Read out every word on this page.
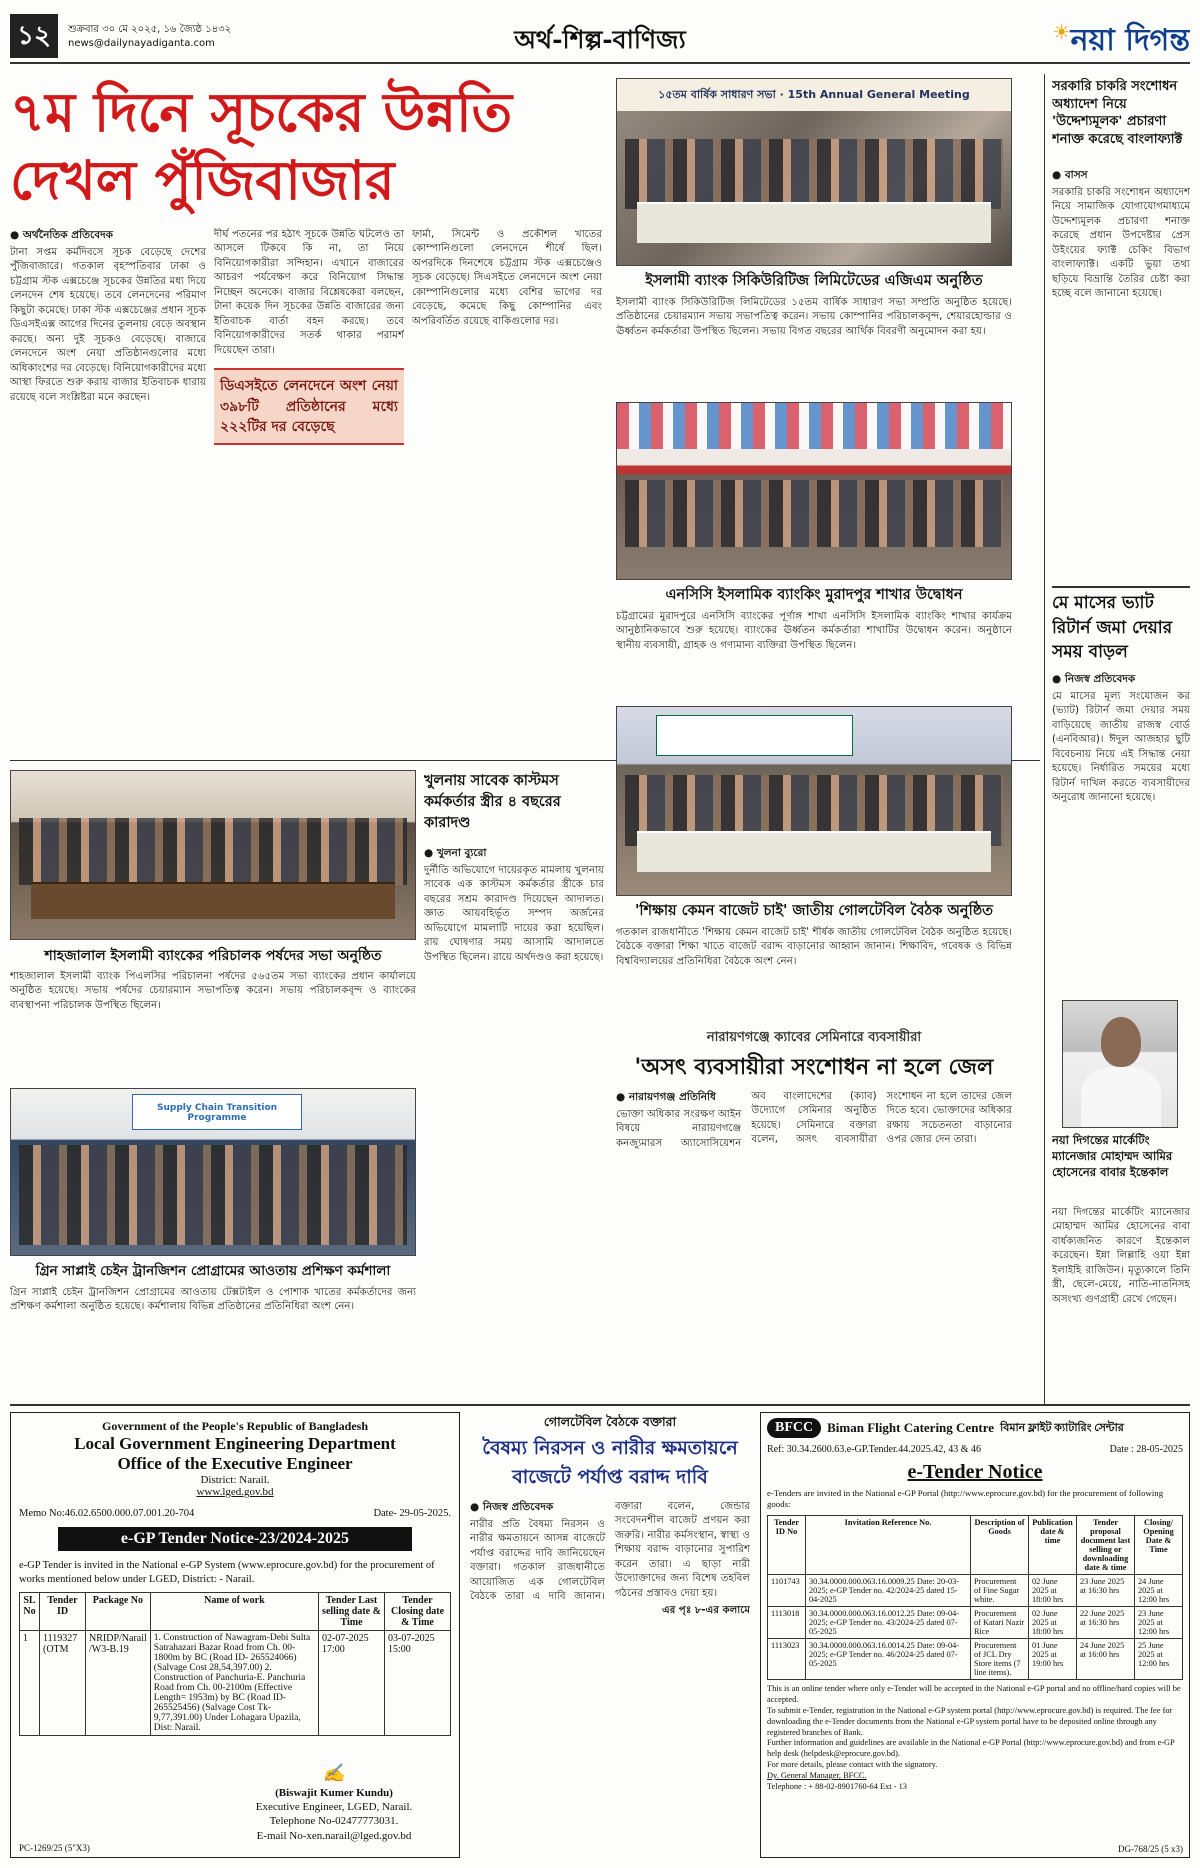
১২	শুক্রবার ৩০ মে ২০২৫, ১৬ জ্যৈষ্ঠ ১৪৩২
news@dailynayadiganta.com	অর্থ-শিল্প-বাণিজ্য	☀নয়া দিগন্ত
৭ম দিনে সূচকের উন্নতি
দেখল পুঁজিবাজার
● অর্থনৈতিক প্রতিবেদক

টানা সপ্তম কর্মদিবসে সূচক বেড়েছে দেশের পুঁজিবাজারে। গতকাল বৃহস্পতিবার ঢাকা ও চট্টগ্রাম স্টক এক্সচেঞ্জে সূচকের উন্নতির মধ্য দিয়ে লেনদেন শেষ হয়েছে। তবে লেনদেনের পরিমাণ কিছুটা কমেছে। ঢাকা স্টক এক্সচেঞ্জের প্রধান সূচক ডিএসইএক্স আগের দিনের তুলনায় বেড়ে অবস্থান করছে। অন্য দুই সূচকও বেড়েছে। বাজারে লেনদেনে অংশ নেয়া প্রতিষ্ঠানগুলোর মধ্যে অধিকাংশের দর বেড়েছে। বিনিয়োগকারীদের মধ্যে আস্থা ফিরতে শুরু করায় বাজার ইতিবাচক ধারায় রয়েছে বলে সংশ্লিষ্টরা মনে করছেন।

দীর্ঘ পতনের পর হঠাৎ সূচকে উন্নতি ঘটলেও তা আসলে টিকবে কি না, তা নিয়ে বিনিয়োগকারীরা সন্দিহান। এখানে বাজারের আচরণ পর্যবেক্ষণ করে বিনিয়োগ সিদ্ধান্ত নিচ্ছেন অনেকে। বাজার বিশ্লেষকেরা বলছেন, টানা কয়েক দিন সূচকের উন্নতি বাজারের জন্য ইতিবাচক বার্তা বহন করছে। তবে বিনিয়োগকারীদের সতর্ক থাকার পরামর্শ দিয়েছেন তারা।

ডিএসইতে লেনদেনে অংশ নেয়া ৩৯৮টি প্রতিষ্ঠানের মধ্যে ২২২টির দর বেড়েছে

ফার্মা, সিমেন্ট ও প্রকৌশল খাতের কোম্পানিগুলো লেনদেনে শীর্ষে ছিল। অপরদিকে দিনশেষে চট্টগ্রাম স্টক এক্সচেঞ্জেও সূচক বেড়েছে। সিএসইতে লেনদেনে অংশ নেয়া কোম্পানিগুলোর মধ্যে বেশির ভাগের দর বেড়েছে, কমেছে কিছু কোম্পানির এবং অপরিবর্তিত রয়েছে বাকিগুলোর দর।

১৫তম বার্ষিক সাধারণ সভা · 15th Annual General Meeting
ইসলামী ব্যাংক সিকিউরিটিজ লিমিটেডের এজিএম অনুষ্ঠিত
ইসলামী ব্যাংক সিকিউরিটিজ লিমিটেডের ১৫তম বার্ষিক সাধারণ সভা সম্প্রতি অনুষ্ঠিত হয়েছে। প্রতিষ্ঠানের চেয়ারম্যান সভায় সভাপতিত্ব করেন। সভায় কোম্পানির পরিচালকবৃন্দ, শেয়ারহোল্ডার ও ঊর্ধ্বতন কর্মকর্তারা উপস্থিত ছিলেন। সভায় বিগত বছরের আর্থিক বিবরণী অনুমোদন করা হয়।
এনসিসি ইসলামিক ব্যাংকিং মুরাদপুর শাখার উদ্বোধন
চট্টগ্রামের মুরাদপুরে এনসিসি ব্যাংকের পূর্ণাঙ্গ শাখা এনসিসি ইসলামিক ব্যাংকিং শাখার কার্যক্রম আনুষ্ঠানিকভাবে শুরু হয়েছে। ব্যাংকের ঊর্ধ্বতন কর্মকর্তারা শাখাটির উদ্বোধন করেন। অনুষ্ঠানে স্থানীয় ব্যবসায়ী, গ্রাহক ও গণ্যমান্য ব্যক্তিরা উপস্থিত ছিলেন।
সরকারি চাকরি সংশোধন অধ্যাদেশ নিয়ে 'উদ্দেশ্যমূলক' প্রচারণা শনাক্ত করেছে বাংলাফ্যাক্ট
● বাসস

সরকারি চাকরি সংশোধন অধ্যাদেশ নিয়ে সামাজিক যোগাযোগমাধ্যমে উদ্দেশ্যমূলক প্রচারণা শনাক্ত করেছে প্রধান উপদেষ্টার প্রেস উইংয়ের ফ্যাক্ট চেকিং বিভাগ বাংলাফ্যাক্ট। একটি ভুয়া তথ্য ছড়িয়ে বিভ্রান্তি তৈরির চেষ্টা করা হচ্ছে বলে জানানো হয়েছে।

মে মাসের ভ্যাট রিটার্ন জমা দেয়ার সময় বাড়ল
● নিজস্ব প্রতিবেদক

মে মাসের মূল্য সংযোজন কর (ভ্যাট) রিটার্ন জমা দেয়ার সময় বাড়িয়েছে জাতীয় রাজস্ব বোর্ড (এনবিআর)। ঈদুল আজহার ছুটি বিবেচনায় নিয়ে এই সিদ্ধান্ত নেয়া হয়েছে। নির্ধারিত সময়ের মধ্যে রিটার্ন দাখিল করতে ব্যবসায়ীদের অনুরোধ জানানো হয়েছে।

নয়া দিগন্তের মার্কেটিং ম্যানেজার মোহাম্মদ আমির হোসেনের বাবার ইন্তেকাল
নয়া দিগন্তের মার্কেটিং ম্যানেজার মোহাম্মদ আমির হোসেনের বাবা বার্ধক্যজনিত কারণে ইন্তেকাল করেছেন। ইন্না লিল্লাহি ওয়া ইন্না ইলাইহি রাজিউন। মৃত্যুকালে তিনি স্ত্রী, ছেলে-মেয়ে, নাতি-নাতনিসহ অসংখ্য গুণগ্রাহী রেখে গেছেন।
শাহজালাল ইসলামী ব্যাংকের পরিচালক পর্ষদের সভা অনুষ্ঠিত
শাহজালাল ইসলামী ব্যাংক পিএলসির পরিচালনা পর্ষদের ৫৬৫তম সভা ব্যাংকের প্রধান কার্যালয়ে অনুষ্ঠিত হয়েছে। সভায় পর্ষদের চেয়ারম্যান সভাপতিত্ব করেন। সভায় পরিচালকবৃন্দ ও ব্যাংকের ব্যবস্থাপনা পরিচালক উপস্থিত ছিলেন।
খুলনায় সাবেক কাস্টমস কর্মকর্তার স্ত্রীর ৪ বছরের কারাদণ্ড
● খুলনা ব্যুরো

দুর্নীতি অভিযোগে দায়েরকৃত মামলায় খুলনায় সাবেক এক কাস্টমস কর্মকর্তার স্ত্রীকে চার বছরের সশ্রম কারাদণ্ড দিয়েছেন আদালত। জ্ঞাত আয়বহির্ভূত সম্পদ অর্জনের অভিযোগে মামলাটি দায়ের করা হয়েছিল। রায় ঘোষণার সময় আসামি আদালতে উপস্থিত ছিলেন। রায়ে অর্থদণ্ডও করা হয়েছে।

'শিক্ষায় কেমন বাজেট চাই' জাতীয় গোলটেবিল বৈঠক অনুষ্ঠিত
গতকাল রাজধানীতে 'শিক্ষায় কেমন বাজেট চাই' শীর্ষক জাতীয় গোলটেবিল বৈঠক অনুষ্ঠিত হয়েছে। বৈঠকে বক্তারা শিক্ষা খাতে বাজেট বরাদ্দ বাড়ানোর আহ্বান জানান। শিক্ষাবিদ, গবেষক ও বিভিন্ন বিশ্ববিদ্যালয়ের প্রতিনিধিরা বৈঠকে অংশ নেন।
Supply Chain Transition Programme
গ্রিন সাপ্লাই চেইন ট্রানজিশন প্রোগ্রামের আওতায় প্রশিক্ষণ কর্মশালা
গ্রিন সাপ্লাই চেইন ট্রানজিশন প্রোগ্রামের আওতায় টেক্সটাইল ও পোশাক খাতের কর্মকর্তাদের জন্য প্রশিক্ষণ কর্মশালা অনুষ্ঠিত হয়েছে। কর্মশালায় বিভিন্ন প্রতিষ্ঠানের প্রতিনিধিরা অংশ নেন।
নারায়ণগঞ্জে ক্যাবের সেমিনারে ব্যবসায়ীরা
'অসৎ ব্যবসায়ীরা সংশোধন না হলে জেল
● নারায়ণগঞ্জ প্রতিনিধি

ভোক্তা অধিকার সংরক্ষণ আইন বিষয়ে নারায়ণগঞ্জে কনজ্যুমারস অ্যাসোসিয়েশন অব বাংলাদেশের (ক্যাব) উদ্যোগে সেমিনার অনুষ্ঠিত হয়েছে। সেমিনারে বক্তারা বলেন, অসৎ ব্যবসায়ীরা সংশোধন না হলে তাদের জেল দিতে হবে। ভোক্তাদের অধিকার রক্ষায় সচেতনতা বাড়ানোর ওপর জোর দেন তারা।

Government of the People's Republic of Bangladesh
Local Government Engineering Department
Office of the Executive Engineer
District: Narail.
www.lged.gov.bd
Memo No:46.02.6500.000.07.001.20-704	Date- 29-05-2025.
e-GP Tender Notice-23/2024-2025
e-GP Tender is invited in the National e-GP System (www.eprocure.gov.bd) for the procurement of works mentioned below under LGED, District: - Narail.
SL No	Tender ID	Package No	Name of work	Tender Last selling date & Time	Tender Closing date & Time
1	1119327 (OTM	NRIDP/Narail /W3-B.19	1. Construction of Nawagram-Debi Sulta Satrahazari Bazar Road from Ch. 00-1800m by BC (Road ID- 265524066) (Salvage Cost 28,54,397.00) 2. Construction of Panchuria-E. Panchuria Road from Ch. 00-2100m (Effective Length= 1953m) by BC (Road ID- 265525456) (Salvage Cost Tk- 9,77,391.00) Under Lohagara Upazila, Dist: Narail.	02-07-2025 17:00	03-07-2025 15:00
✍
(Biswajit Kumer Kundu)
Executive Engineer, LGED, Narail.
Telephone No-02477773031.
E-mail No-xen.narail@lged.gov.bd
PC-1269/25 (5"X3)
গোলটেবিল বৈঠকে বক্তারা
বৈষম্য নিরসন ও নারীর ক্ষমতায়নে বাজেটে পর্যাপ্ত বরাদ্দ দাবি
● নিজস্ব প্রতিবেদক

নারীর প্রতি বৈষম্য নিরসন ও নারীর ক্ষমতায়নে আসন্ন বাজেটে পর্যাপ্ত বরাদ্দের দাবি জানিয়েছেন বক্তারা। গতকাল রাজধানীতে আয়োজিত এক গোলটেবিল বৈঠকে তারা এ দাবি জানান। বক্তারা বলেন, জেন্ডার সংবেদনশীল বাজেট প্রণয়ন করা জরুরি। নারীর কর্মসংস্থান, স্বাস্থ্য ও শিক্ষায় বরাদ্দ বাড়ানোর সুপারিশ করেন তারা। এ ছাড়া নারী উদ্যোক্তাদের জন্য বিশেষ তহবিল গঠনের প্রস্তাবও দেয়া হয়।

এর পৃঃ ৮-এর কলামে

BFCC	Biman Flight Catering Centre বিমান ফ্লাইট ক্যাটারিং সেন্টার
Ref: 30.34.2600.63.e-GP.Tender.44.2025.42, 43 & 46	Date : 28-05-2025
e-Tender Notice
e-Tenders are invited in the National e-GP Portal (http://www.eprocure.gov.bd) for the procurement of following goods:
Tender ID No	Invitation Reference No.	Description of Goods	Publication date & time	Tender proposal document last selling or downloading date & time	Closing/ Opening Date & Time
1101743	30.34.0000.000.063.16.0009.25 Date: 20-03-2025; e-GP Tender no. 42/2024-25 dated 15-04-2025	Procurement of Fine Sugar white.	02 June 2025 at 18:00 hrs	23 June 2025 at 16:30 hrs	24 June 2025 at 12:00 hrs
1113018	30.34.0000.000.063.16.0012.25 Date: 09-04-2025; e-GP Tender no. 43/2024-25 dated 07-05-2025	Procurement of Katari Nazir Rice	02 June 2025 at 18:00 hrs	22 June 2025 at 16:30 hrs	23 June 2025 at 12:00 hrs
1113023	30.34.0000.000.063.16.0014.25 Date: 09-04-2025; e-GP Tender no. 46/2024-25 dated 07-05-2025	Procurement of JCL Dry Store items (7 line items).	01 June 2025 at 19:00 hrs	24 June 2025 at 16:00 hrs	25 June 2025 at 12:00 hrs
This is an online tender where only e-Tender will be accepted in the National e-GP portal and no offline/hard copies will be accepted.
To submit e-Tender, registration in the National e-GP system portal (http://www.eprocure.gov.bd) is required. The fee for downloading the e-Tender documents from the National e-GP system portal have to be deposited online through any registered branches of Bank.
Further information and guidelines are available in the National e-GP Portal (http://www.eprocure.gov.bd) and from e-GP help desk (helpdesk@eprocure.gov.bd).
For more details, please contact with the signatory.
Dy. General Manager, BFCC.
Telephone : + 88-02-8901760-64 Ext - 13
DG-768/25 (5 x3)
